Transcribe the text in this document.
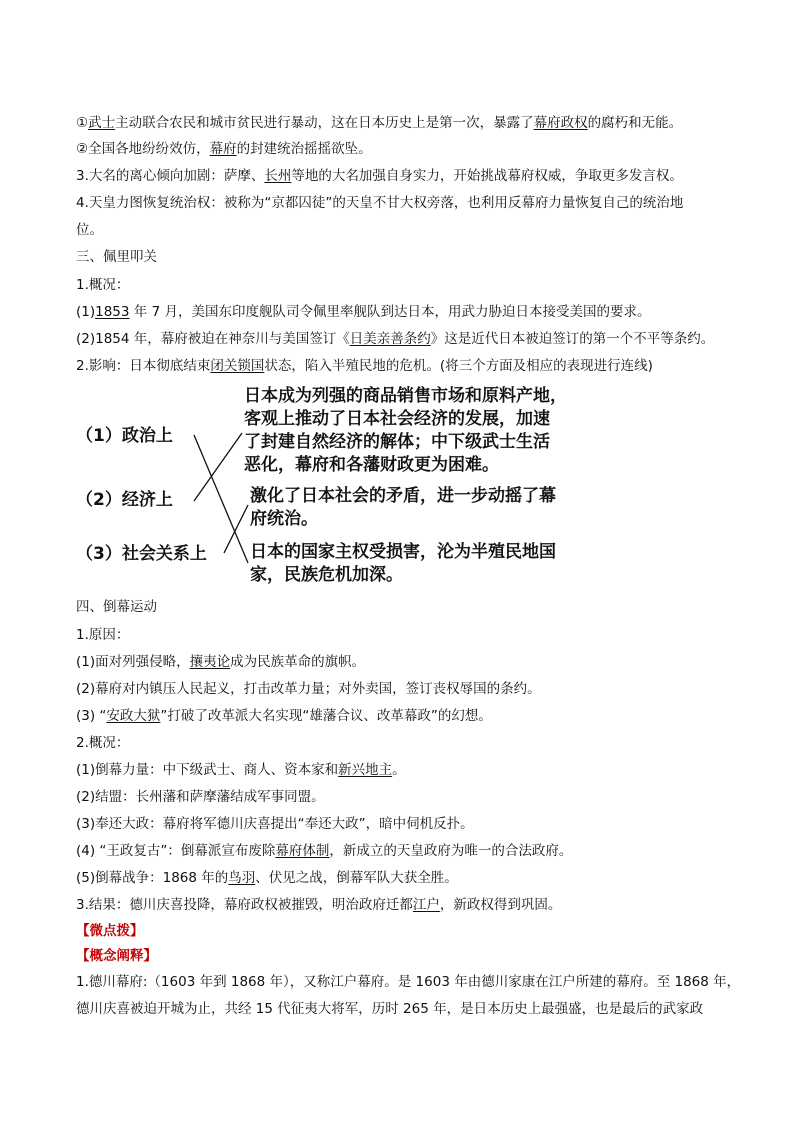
①武士主动联合农民和城市贫民进行暴动，这在日本历史上是第一次，暴露了幕府政权的腐朽和无能。
②全国各地纷纷效仿，幕府的封建统治摇摇欲坠。
3.大名的离心倾向加剧：萨摩、长州等地的大名加强自身实力，开始挑战幕府权威，争取更多发言权。
4.天皇力图恢复统治权：被称为“京都囚徒”的天皇不甘大权旁落，也利用反幕府力量恢复自己的统治地
位。
三、佩里叩关
1.概况：
(1)1853 年 7 月，美国东印度舰队司令佩里率舰队到达日本，用武力胁迫日本接受美国的要求。
(2)1854 年，幕府被迫在神奈川与美国签订《日美亲善条约》这是近代日本被迫签订的第一个不平等条约。
2.影响：日本彻底结束闭关锁国状态，陷入半殖民地的危机。(将三个方面及相应的表现进行连线)
（1）政治上
（2）经济上
（3）社会关系上
日本成为列强的商品销售市场和原料产地，
客观上推动了日本社会经济的发展，加速
了封建自然经济的解体；中下级武士生活
恶化，幕府和各藩财政更为困难。
激化了日本社会的矛盾，进一步动摇了幕
府统治。
日本的国家主权受损害，沦为半殖民地国
家，民族危机加深。
四、倒幕运动
1.原因：
(1)面对列强侵略，攘夷论成为民族革命的旗帜。
(2)幕府对内镇压人民起义，打击改革力量；对外卖国，签订丧权辱国的条约。
(3) “安政大狱”打破了改革派大名实现“雄藩合议、改革幕政”的幻想。
2.概况：
(1)倒幕力量：中下级武士、商人、资本家和新兴地主。
(2)结盟：长州藩和萨摩藩结成军事同盟。
(3)奉还大政：幕府将军德川庆喜提出“奉还大政”，暗中伺机反扑。
(4) “王政复古”：倒幕派宣布废除幕府体制，新成立的天皇政府为唯一的合法政府。
(5)倒幕战争：1868 年的鸟羽、伏见之战，倒幕军队大获全胜。
3.结果：德川庆喜投降，幕府政权被摧毁，明治政府迁都江户，新政权得到巩固。
【微点拨】
【概念阐释】
1.德川幕府:（1603 年到 1868 年），又称江户幕府。是 1603 年由德川家康在江户所建的幕府。至 1868 年，
德川庆喜被迫开城为止，共经 15 代征夷大将军，历时 265 年，是日本历史上最强盛，也是最后的武家政
